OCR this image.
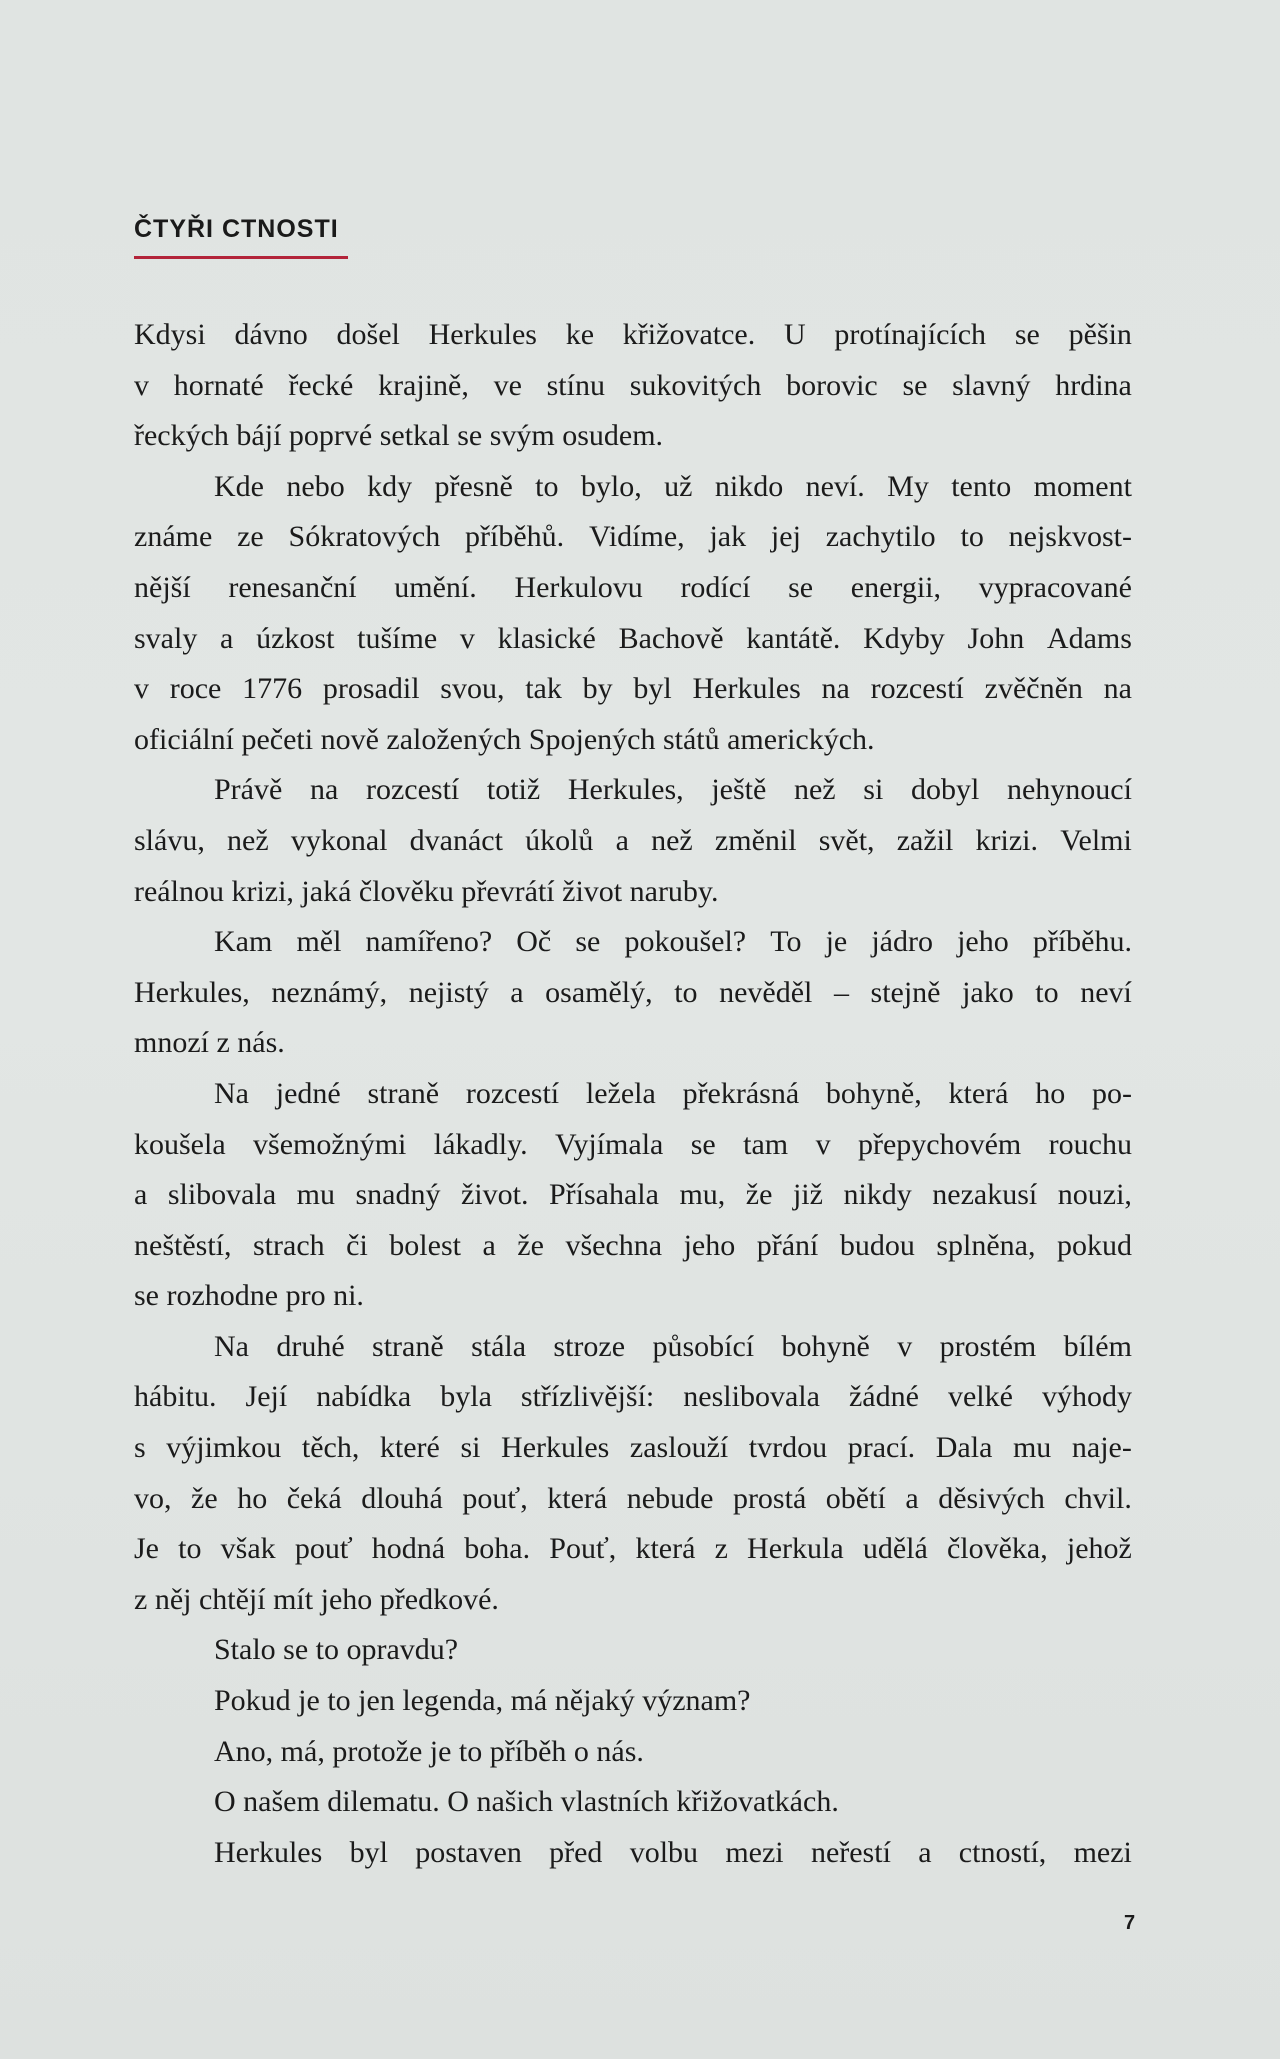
ČTYŘI CTNOSTI
Kdysi dávno došel Herkules ke křižovatce. U protínajících se pěšin
v hornaté řecké krajině, ve stínu sukovitých borovic se slavný hrdina
řeckých bájí poprvé setkal se svým osudem.
Kde nebo kdy přesně to bylo, už nikdo neví. My tento moment
známe ze Sókratových příběhů. Vidíme, jak jej zachytilo to nejskvost-
nější renesanční umění. Herkulovu rodící se energii, vypracované
svaly a úzkost tušíme v klasické Bachově kantátě. Kdyby John Adams
v roce 1776 prosadil svou, tak by byl Herkules na rozcestí zvěčněn na
oficiální pečeti nově založených Spojených států amerických.
Právě na rozcestí totiž Herkules, ještě než si dobyl nehynoucí
slávu, než vykonal dvanáct úkolů a než změnil svět, zažil krizi. Velmi
reálnou krizi, jaká člověku převrátí život naruby.
Kam měl namířeno? Oč se pokoušel? To je jádro jeho příběhu.
Herkules, neznámý, nejistý a osamělý, to nevěděl – stejně jako to neví
mnozí z nás.
Na jedné straně rozcestí ležela překrásná bohyně, která ho po-
koušela všemožnými lákadly. Vyjímala se tam v přepychovém rouchu
a slibovala mu snadný život. Přísahala mu, že již nikdy nezakusí nouzi,
neštěstí, strach či bolest a že všechna jeho přání budou splněna, pokud
se rozhodne pro ni.
Na druhé straně stála stroze působící bohyně v prostém bílém
hábitu. Její nabídka byla střízlivější: neslibovala žádné velké výhody
s výjimkou těch, které si Herkules zaslouží tvrdou prací. Dala mu naje-
vo, že ho čeká dlouhá pouť, která nebude prostá obětí a děsivých chvil.
Je to však pouť hodná boha. Pouť, která z Herkula udělá člověka, jehož
z něj chtějí mít jeho předkové.
Stalo se to opravdu?
Pokud je to jen legenda, má nějaký význam?
Ano, má, protože je to příběh o nás.
O našem dilematu. O našich vlastních křižovatkách.
Herkules byl postaven před volbu mezi neřestí a ctností, mezi
7
